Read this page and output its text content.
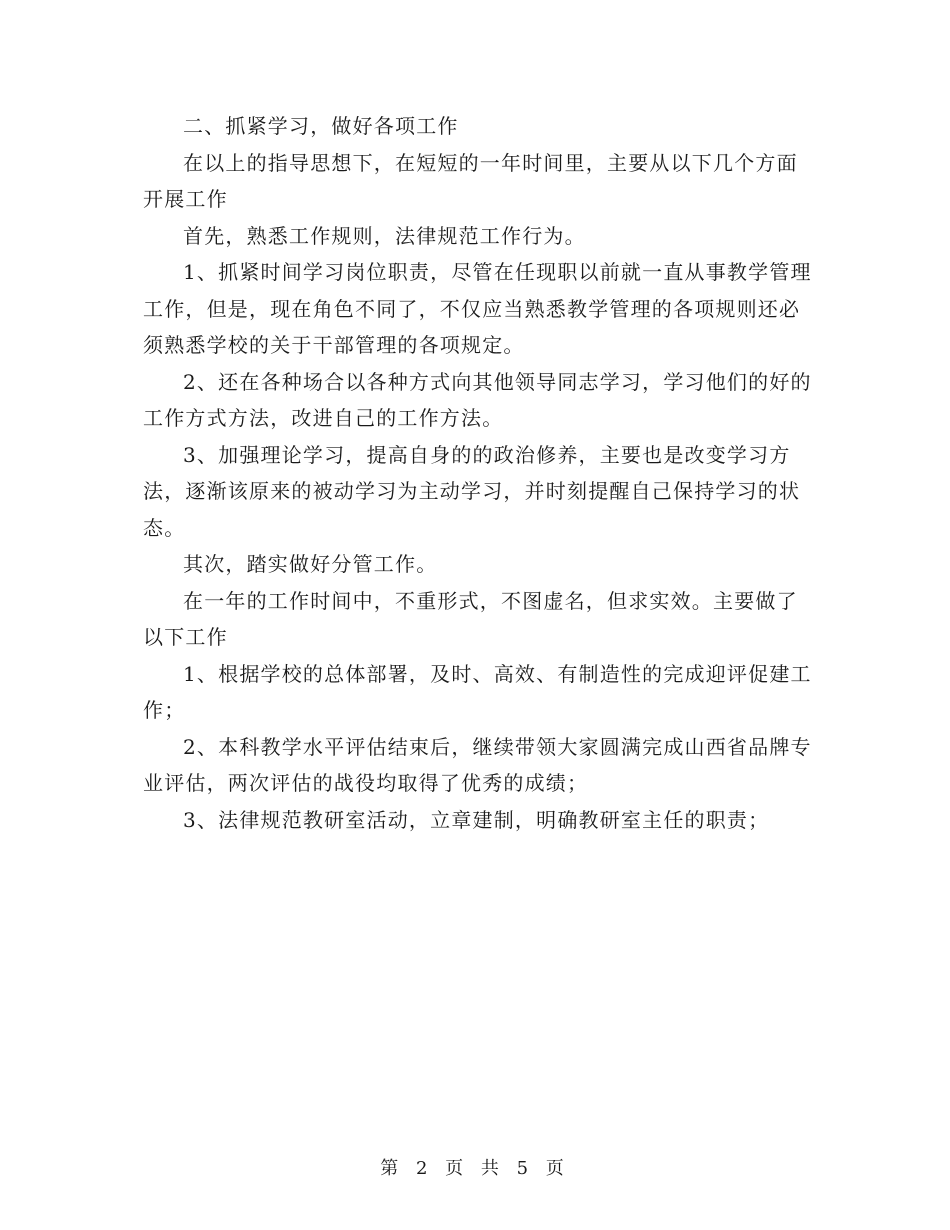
二、抓紧学习，做好各项工作

在以上的指导思想下，在短短的一年时间里，主要从以下几个方面开展工作

首先，熟悉工作规则，法律规范工作行为。

1、抓紧时间学习岗位职责，尽管在任现职以前就一直从事教学管理工作，但是，现在角色不同了，不仅应当熟悉教学管理的各项规则还必须熟悉学校的关于干部管理的各项规定。

2、还在各种场合以各种方式向其他领导同志学习，学习他们的好的工作方式方法，改进自己的工作方法。

3、加强理论学习，提高自身的的政治修养，主要也是改变学习方法，逐渐该原来的被动学习为主动学习，并时刻提醒自己保持学习的状态。

其次，踏实做好分管工作。

在一年的工作时间中，不重形式，不图虚名，但求实效。主要做了以下工作

1、根据学校的总体部署，及时、高效、有制造性的完成迎评促建工作；

2、本科教学水平评估结束后，继续带领大家圆满完成山西省品牌专业评估，两次评估的战役均取得了优秀的成绩；

3、法律规范教研室活动，立章建制，明确教研室主任的职责；

第 2 页 共 5 页
